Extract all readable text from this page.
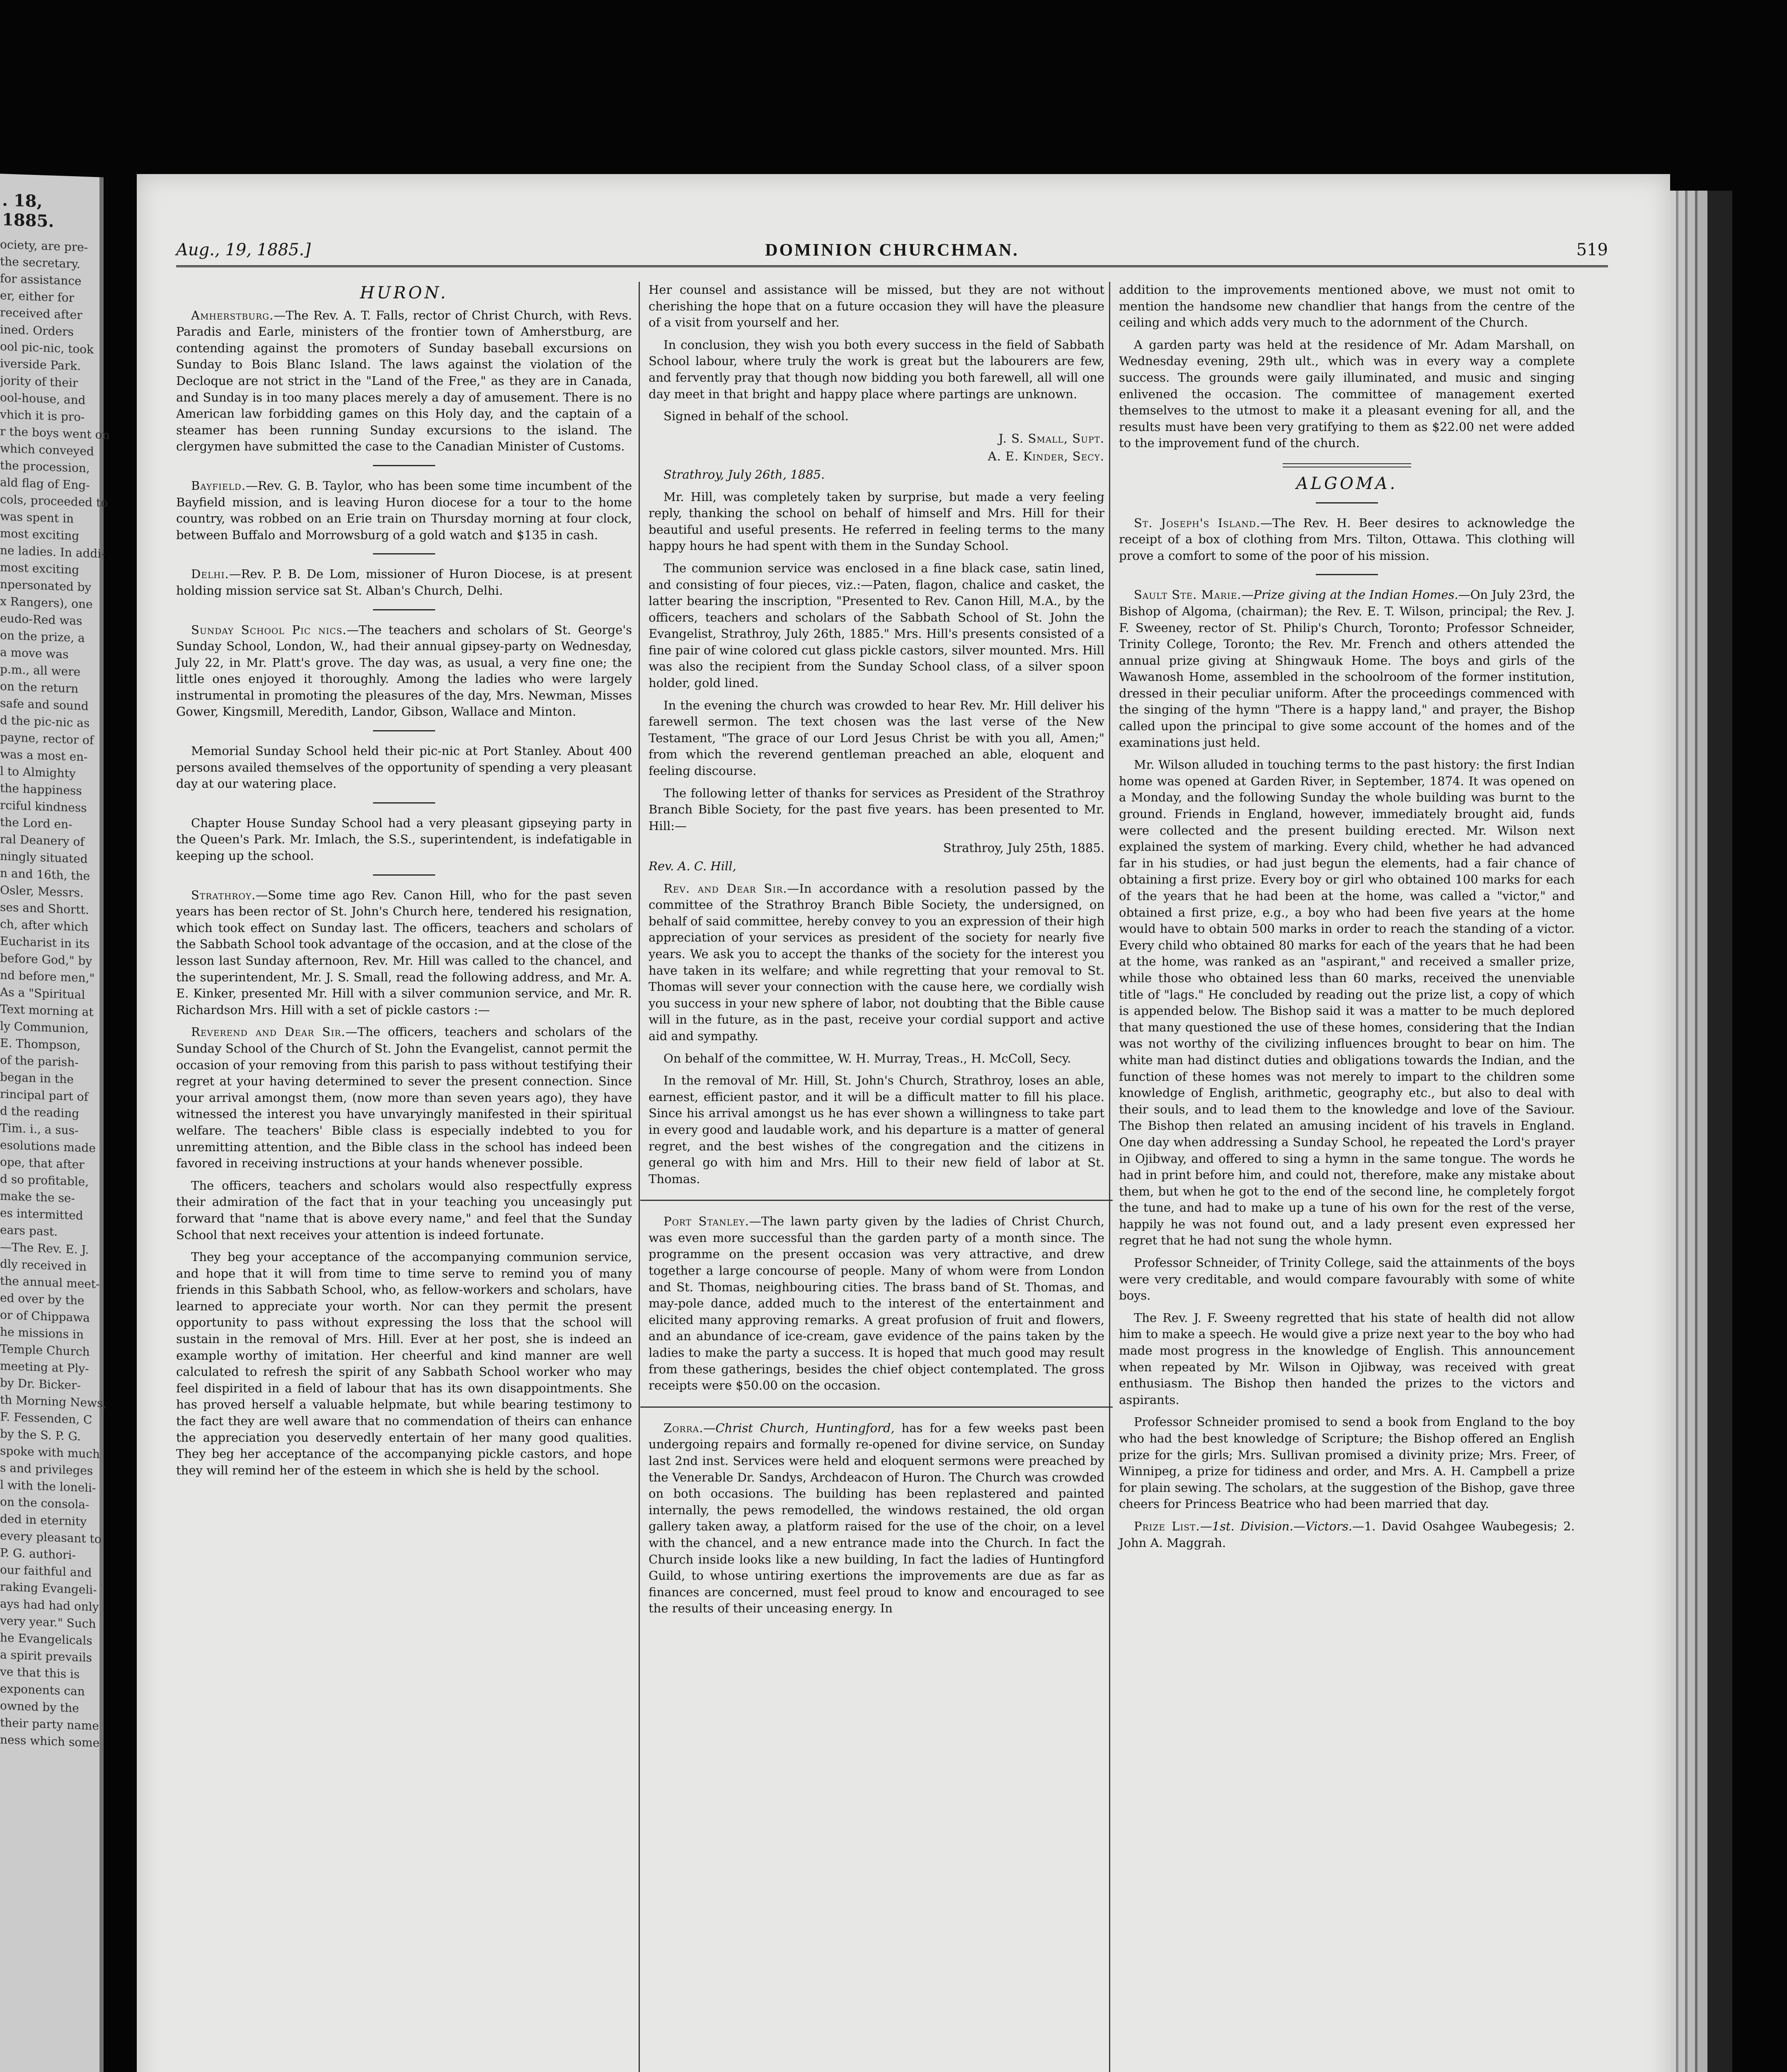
. 18, 1885.
ociety, are pre-
the secretary.
for assistance
er, either for
received after
ined. Orders
ool pic-nic, took
iverside Park.
jority of their
ool-house, and
vhich it is pro-
r the boys went on
which conveyed
the procession,
ald flag of Eng-
cols, proceeded to
was spent in
most exciting
ne ladies. In addi-
most exciting
npersonated by
x Rangers), one
eudo-Red was
on the prize, a
a move was
p.m., all were
on the return
safe and sound
d the pic-nic as
payne, rector of
was a most en-
l to Almighty
the happiness
rciful kindness
the Lord en-
ral Deanery of
ningly situated
n and 16th, the
Osler, Messrs.
ses and Shortt.
ch, after which
Eucharist in its
before God," by
nd before men,"
As a "Spiritual
Text morning at
ly Communion,
E. Thompson,
of the parish-
began in the
rincipal part of
d the reading
Tim. i., a sus-
esolutions made
ope, that after
d so profitable,
make the se-
es intermitted
ears past.
—The Rev. E. J.
dly received in
the annual meet-
ed over by the
or of Chippawa
he missions in
Temple Church
meeting at Ply-
by Dr. Bicker-
th Morning News,
F. Fessenden, C
by the S. P. G.
spoke with much
s and privileges
l with the loneli-
on the consola-
ded in eternity
every pleasant to
P. G. authori-
our faithful and
raking Evangeli-
ays had had only
very year." Such
he Evangelicals
a spirit prevails
ve that this is
exponents can
owned by the
their party name
ness which some
Aug., 19, 1885.]	DOMINION CHURCHMAN.	519
HURON.

Amherstburg.—The Rev. A. T. Falls, rector of Christ Church, with Revs. Paradis and Earle, ministers of the frontier town of Amherstburg, are contending against the promoters of Sunday baseball excursions on Sunday to Bois Blanc Island. The laws against the violation of the Decloque are not strict in the "Land of the Free," as they are in Canada, and Sunday is in too many places merely a day of amusement. There is no American law forbidding games on this Holy day, and the captain of a steamer has been running Sunday excursions to the island. The clergymen have submitted the case to the Canadian Minister of Customs.

Bayfield.—Rev. G. B. Taylor, who has been some time incumbent of the Bayfield mission, and is leaving Huron diocese for a tour to the home country, was robbed on an Erie train on Thursday morning at four clock, between Buffalo and Morrowsburg of a gold watch and $135 in cash.

Delhi.—Rev. P. B. De Lom, missioner of Huron Diocese, is at present holding mission service sat St. Alban's Church, Delhi.

Sunday School Pic nics.—The teachers and scholars of St. George's Sunday School, London, W., had their annual gipsey-party on Wednesday, July 22, in Mr. Platt's grove. The day was, as usual, a very fine one; the little ones enjoyed it thoroughly. Among the ladies who were largely instrumental in promoting the pleasures of the day, Mrs. Newman, Misses Gower, Kingsmill, Meredith, Landor, Gibson, Wallace and Minton.

Memorial Sunday School held their pic-nic at Port Stanley. About 400 persons availed themselves of the opportunity of spending a very pleasant day at our watering place.

Chapter House Sunday School had a very pleasant gipseying party in the Queen's Park. Mr. Imlach, the S.S., superintendent, is indefatigable in keeping up the school.

Strathroy.—Some time ago Rev. Canon Hill, who for the past seven years has been rector of St. John's Church here, tendered his resignation, which took effect on Sunday last. The officers, teachers and scholars of the Sabbath School took advantage of the occasion, and at the close of the lesson last Sunday afternoon, Rev. Mr. Hill was called to the chancel, and the superintendent, Mr. J. S. Small, read the following address, and Mr. A. E. Kinker, presented Mr. Hill with a silver communion service, and Mr. R. Richardson Mrs. Hill with a set of pickle castors :—

Reverend and Dear Sir.—The officers, teachers and scholars of the Sunday School of the Church of St. John the Evangelist, cannot permit the occasion of your removing from this parish to pass without testifying their regret at your having determined to sever the present connection. Since your arrival amongst them, (now more than seven years ago), they have witnessed the interest you have unvaryingly manifested in their spiritual welfare. The teachers' Bible class is especially indebted to you for unremitting attention, and the Bible class in the school has indeed been favored in receiving instructions at your hands whenever possible.

The officers, teachers and scholars would also respectfully express their admiration of the fact that in your teaching you unceasingly put forward that "name that is above every name," and feel that the Sunday School that next receives your attention is indeed fortunate.

They beg your acceptance of the accompanying communion service, and hope that it will from time to time serve to remind you of many friends in this Sabbath School, who, as fellow-workers and scholars, have learned to appreciate your worth. Nor can they permit the present opportunity to pass without expressing the loss that the school will sustain in the removal of Mrs. Hill. Ever at her post, she is indeed an example worthy of imitation. Her cheerful and kind manner are well calculated to refresh the spirit of any Sabbath School worker who may feel dispirited in a field of labour that has its own disappointments. She has proved herself a valuable helpmate, but while bearing testimony to the fact they are well aware that no commendation of theirs can enhance the appreciation you deservedly entertain of her many good qualities. They beg her acceptance of the accompanying pickle castors, and hope they will remind her of the esteem in which she is held by the school.

Her counsel and assistance will be missed, but they are not without cherishing the hope that on a future occasion they will have the pleasure of a visit from yourself and her.

In conclusion, they wish you both every success in the field of Sabbath School labour, where truly the work is great but the labourers are few, and fervently pray that though now bidding you both farewell, all will one day meet in that bright and happy place where partings are unknown.

Signed in behalf of the school.

J. S. Small, Supt.

A. E. Kinder, Secy.

Strathroy, July 26th, 1885.

Mr. Hill, was completely taken by surprise, but made a very feeling reply, thanking the school on behalf of himself and Mrs. Hill for their beautiful and useful presents. He referred in feeling terms to the many happy hours he had spent with them in the Sunday School.

The communion service was enclosed in a fine black case, satin lined, and consisting of four pieces, viz.:—Paten, flagon, chalice and casket, the latter bearing the inscription, "Presented to Rev. Canon Hill, M.A., by the officers, teachers and scholars of the Sabbath School of St. John the Evangelist, Strathroy, July 26th, 1885." Mrs. Hill's presents consisted of a fine pair of wine colored cut glass pickle castors, silver mounted. Mrs. Hill was also the recipient from the Sunday School class, of a silver spoon holder, gold lined.

In the evening the church was crowded to hear Rev. Mr. Hill deliver his farewell sermon. The text chosen was the last verse of the New Testament, "The grace of our Lord Jesus Christ be with you all, Amen;" from which the reverend gentleman preached an able, eloquent and feeling discourse.

The following letter of thanks for services as President of the Strathroy Branch Bible Society, for the past five years. has been presented to Mr. Hill:—

Strathroy, July 25th, 1885.

Rev. A. C. Hill,

Rev. and Dear Sir.—In accordance with a resolution passed by the committee of the Strathroy Branch Bible Society, the undersigned, on behalf of said committee, hereby convey to you an expression of their high appreciation of your services as president of the society for nearly five years. We ask you to accept the thanks of the society for the interest you have taken in its welfare; and while regretting that your removal to St. Thomas will sever your connection with the cause here, we cordially wish you success in your new sphere of labor, not doubting that the Bible cause will in the future, as in the past, receive your cordial support and active aid and sympathy.

On behalf of the committee, W. H. Murray, Treas., H. McColl, Secy.

In the removal of Mr. Hill, St. John's Church, Strathroy, loses an able, earnest, efficient pastor, and it will be a difficult matter to fill his place. Since his arrival amongst us he has ever shown a willingness to take part in every good and laudable work, and his departure is a matter of general regret, and the best wishes of the congregation and the citizens in general go with him and Mrs. Hill to their new field of labor at St. Thomas.

Port Stanley.—The lawn party given by the ladies of Christ Church, was even more successful than the garden party of a month since. The programme on the present occasion was very attractive, and drew together a large concourse of people. Many of whom were from London and St. Thomas, neighbouring cities. The brass band of St. Thomas, and may-pole dance, added much to the interest of the entertainment and elicited many approving remarks. A great profusion of fruit and flowers, and an abundance of ice-cream, gave evidence of the pains taken by the ladies to make the party a success. It is hoped that much good may result from these gatherings, besides the chief object contemplated. The gross receipts were $50.00 on the occasion.

Zorra.—Christ Church, Huntingford, has for a few weeks past been undergoing repairs and formally re-opened for divine service, on Sunday last 2nd inst. Services were held and eloquent sermons were preached by the Venerable Dr. Sandys, Archdeacon of Huron. The Church was crowded on both occasions. The building has been replastered and painted internally, the pews remodelled, the windows restained, the old organ gallery taken away, a platform raised for the use of the choir, on a level with the chancel, and a new entrance made into the Church. In fact the Church inside looks like a new building, In fact the ladies of Huntingford Guild, to whose untiring exertions the improvements are due as far as finances are concerned, must feel proud to know and encouraged to see the results of their unceasing energy. In

addition to the improvements mentioned above, we must not omit to mention the handsome new chandlier that hangs from the centre of the ceiling and which adds very much to the adornment of the Church.

A garden party was held at the residence of Mr. Adam Marshall, on Wednesday evening, 29th ult., which was in every way a complete success. The grounds were gaily illuminated, and music and singing enlivened the occasion. The committee of management exerted themselves to the utmost to make it a pleasant evening for all, and the results must have been very gratifying to them as $22.00 net were added to the improvement fund of the church.

ALGOMA.

St. Joseph's Island.—The Rev. H. Beer desires to acknowledge the receipt of a box of clothing from Mrs. Tilton, Ottawa. This clothing will prove a comfort to some of the poor of his mission.

Sault Ste. Marie.—Prize giving at the Indian Homes.—On July 23rd, the Bishop of Algoma, (chairman); the Rev. E. T. Wilson, principal; the Rev. J. F. Sweeney, rector of St. Philip's Church, Toronto; Professor Schneider, Trinity College, Toronto; the Rev. Mr. French and others attended the annual prize giving at Shingwauk Home. The boys and girls of the Wawanosh Home, assembled in the schoolroom of the former institution, dressed in their peculiar uniform. After the proceedings commenced with the singing of the hymn "There is a happy land," and prayer, the Bishop called upon the principal to give some account of the homes and of the examinations just held.

Mr. Wilson alluded in touching terms to the past history: the first Indian home was opened at Garden River, in September, 1874. It was opened on a Monday, and the following Sunday the whole building was burnt to the ground. Friends in England, however, immediately brought aid, funds were collected and the present building erected. Mr. Wilson next explained the system of marking. Every child, whether he had advanced far in his studies, or had just begun the elements, had a fair chance of obtaining a first prize. Every boy or girl who obtained 100 marks for each of the years that he had been at the home, was called a "victor," and obtained a first prize, e.g., a boy who had been five years at the home would have to obtain 500 marks in order to reach the standing of a victor. Every child who obtained 80 marks for each of the years that he had been at the home, was ranked as an "aspirant," and received a smaller prize, while those who obtained less than 60 marks, received the unenviable title of "lags." He concluded by reading out the prize list, a copy of which is appended below. The Bishop said it was a matter to be much deplored that many questioned the use of these homes, considering that the Indian was not worthy of the civilizing influences brought to bear on him. The white man had distinct duties and obligations towards the Indian, and the function of these homes was not merely to impart to the children some knowledge of English, arithmetic, geography etc., but also to deal with their souls, and to lead them to the knowledge and love of the Saviour. The Bishop then related an amusing incident of his travels in England. One day when addressing a Sunday School, he repeated the Lord's prayer in Ojibway, and offered to sing a hymn in the same tongue. The words he had in print before him, and could not, therefore, make any mistake about them, but when he got to the end of the second line, he completely forgot the tune, and had to make up a tune of his own for the rest of the verse, happily he was not found out, and a lady present even expressed her regret that he had not sung the whole hymn.

Professor Schneider, of Trinity College, said the attainments of the boys were very creditable, and would compare favourably with some of white boys.

The Rev. J. F. Sweeny regretted that his state of health did not allow him to make a speech. He would give a prize next year to the boy who had made most progress in the knowledge of English. This announcement when repeated by Mr. Wilson in Ojibway, was received with great enthusiasm. The Bishop then handed the prizes to the victors and aspirants.

Professor Schneider promised to send a book from England to the boy who had the best knowledge of Scripture; the Bishop offered an English prize for the girls; Mrs. Sullivan promised a divinity prize; Mrs. Freer, of Winnipeg, a prize for tidiness and order, and Mrs. A. H. Campbell a prize for plain sewing. The scholars, at the suggestion of the Bishop, gave three cheers for Princess Beatrice who had been married that day.

Prize List.—1st. Division.—Victors.—1. David Osahgee Waubegesis; 2. John A. Maggrah.
